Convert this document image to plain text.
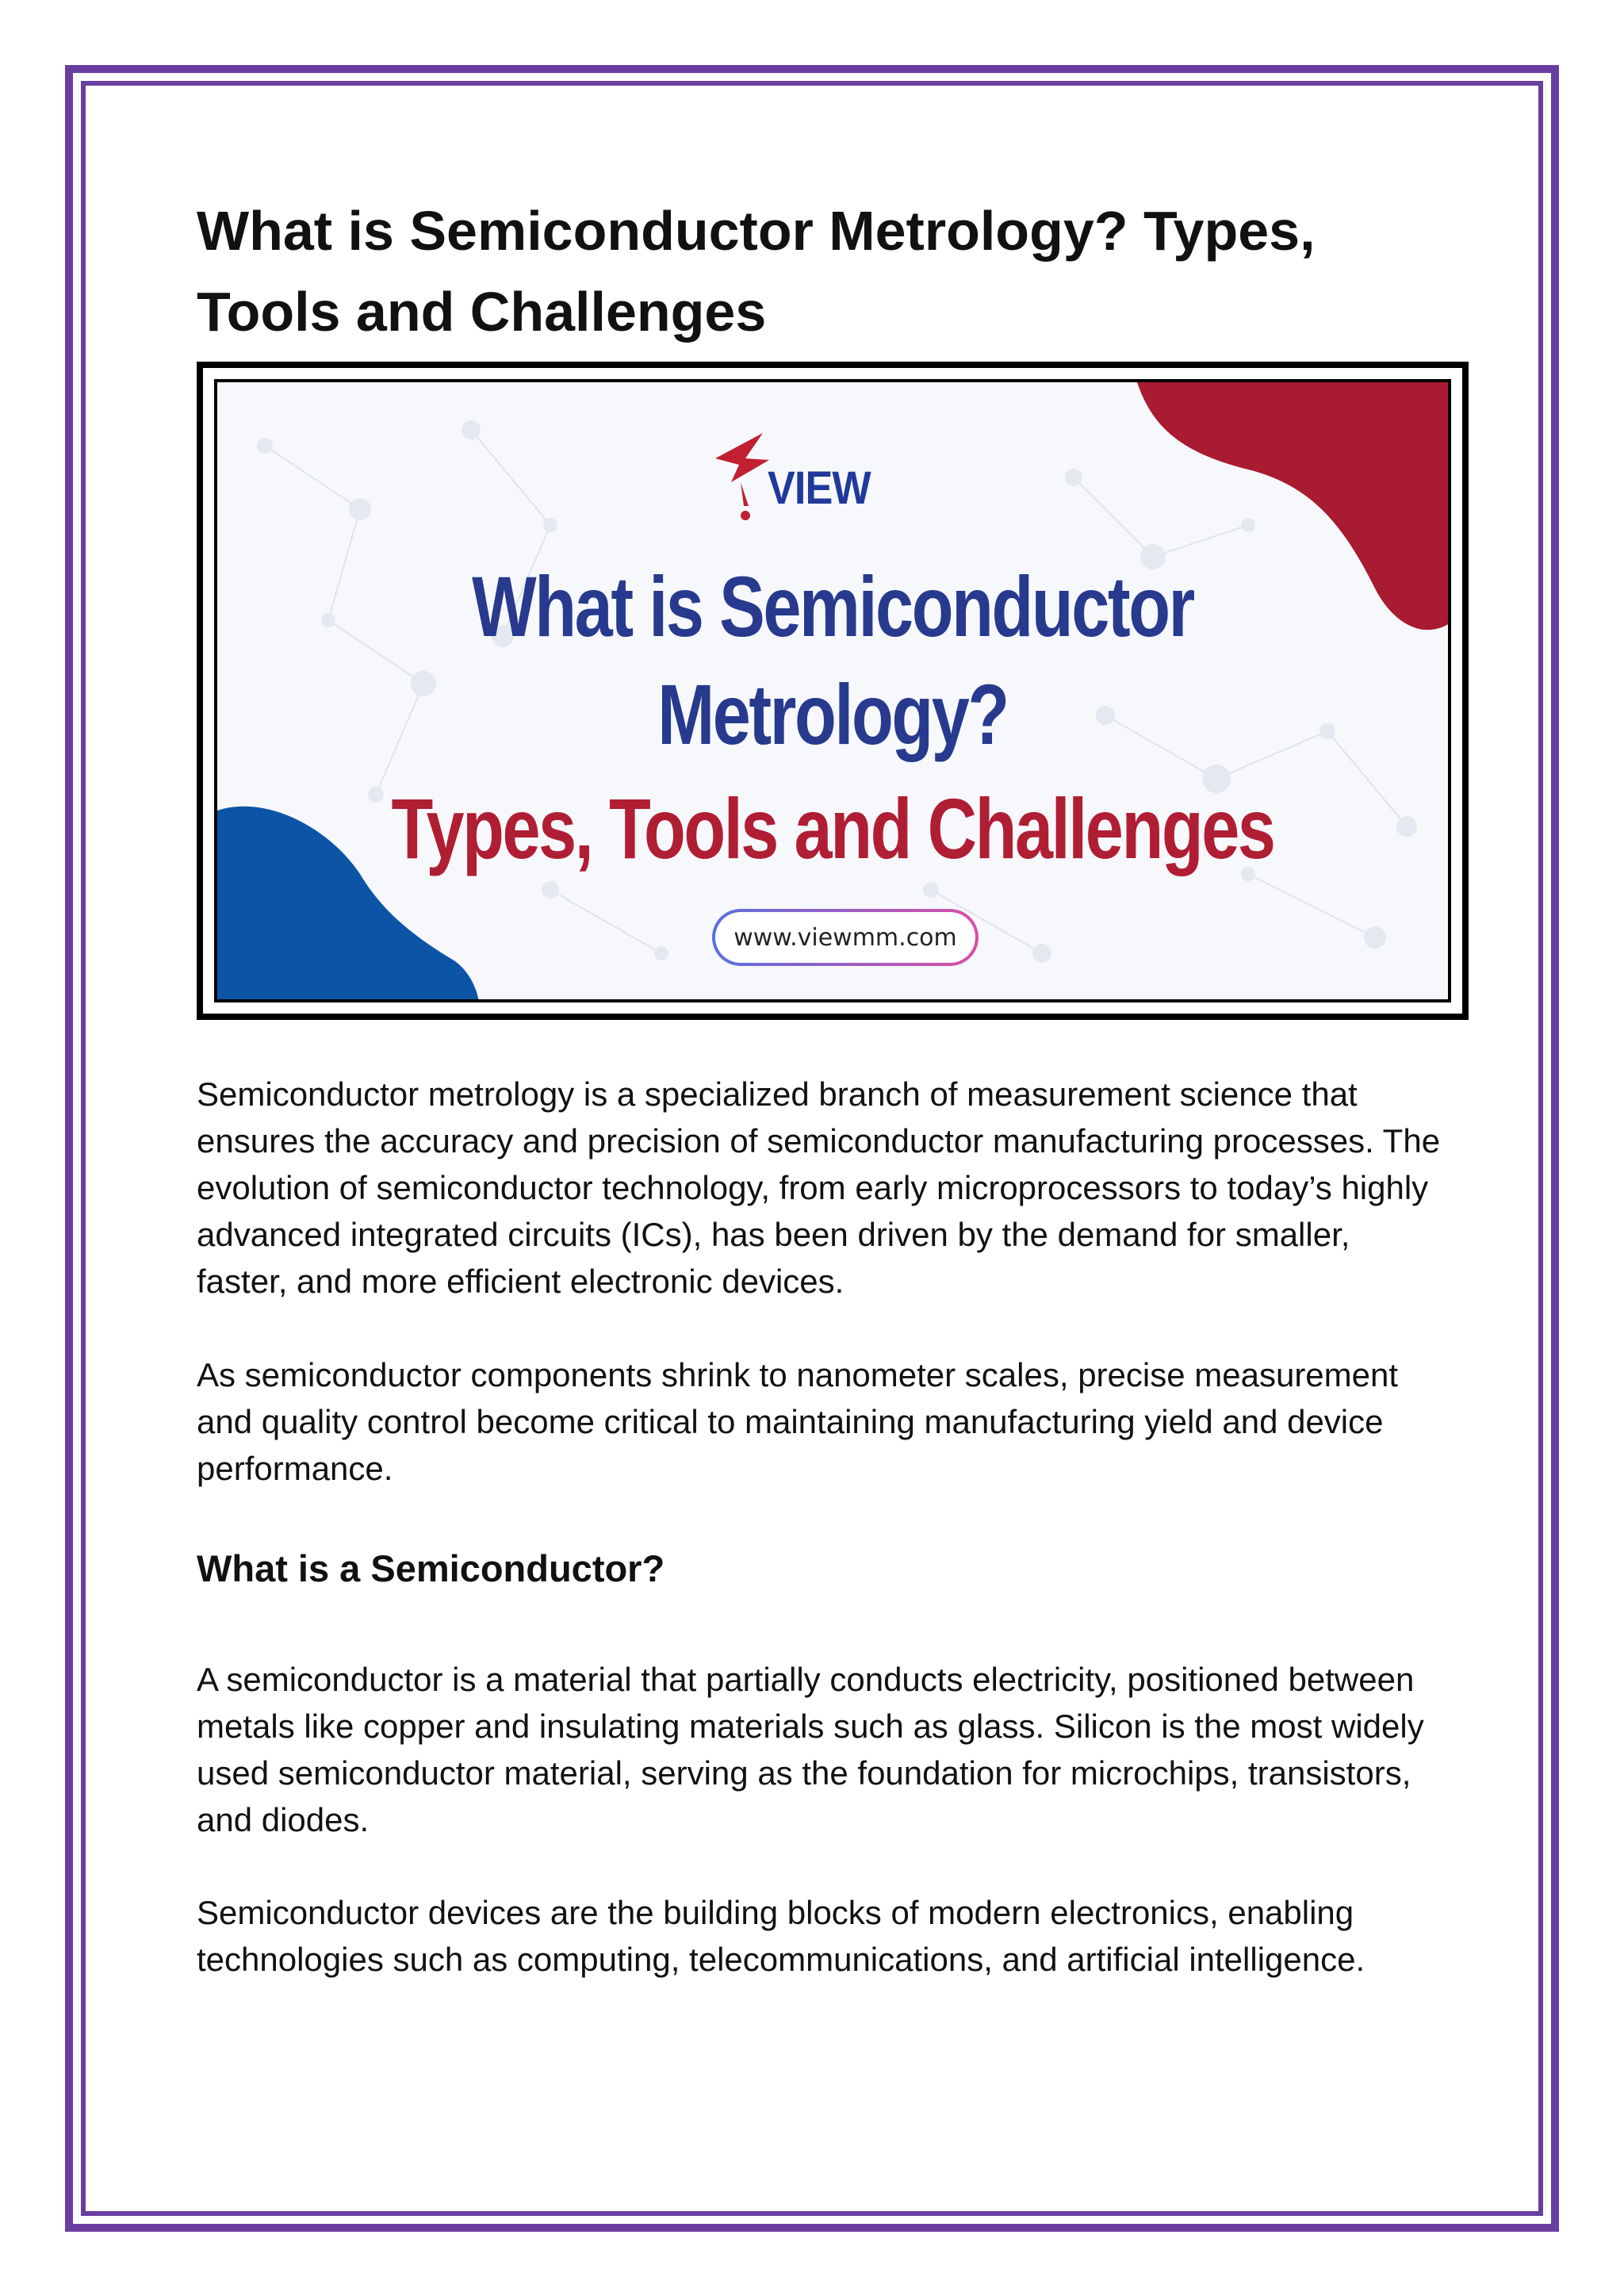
What is Semiconductor Metrology? Types, Tools and Challenges
VIEW
What is Semiconductor
Metrology?
Types, Tools and Challenges
www.viewmm.com

Semiconductor metrology is a specialized branch of measurement science that ensures the accuracy and precision of semiconductor manufacturing processes. The evolution of semiconductor technology, from early microprocessors to today’s highly advanced integrated circuits (ICs), has been driven by the demand for smaller, faster, and more efficient electronic devices.

As semiconductor components shrink to nanometer scales, precise measurement and quality control become critical to maintaining manufacturing yield and device performance.

What is a Semiconductor?

A semiconductor is a material that partially conducts electricity, positioned between metals like copper and insulating materials such as glass. Silicon is the most widely used semiconductor material, serving as the foundation for microchips, transistors, and diodes.

Semiconductor devices are the building blocks of modern electronics, enabling technologies such as computing, telecommunications, and artificial intelligence.
